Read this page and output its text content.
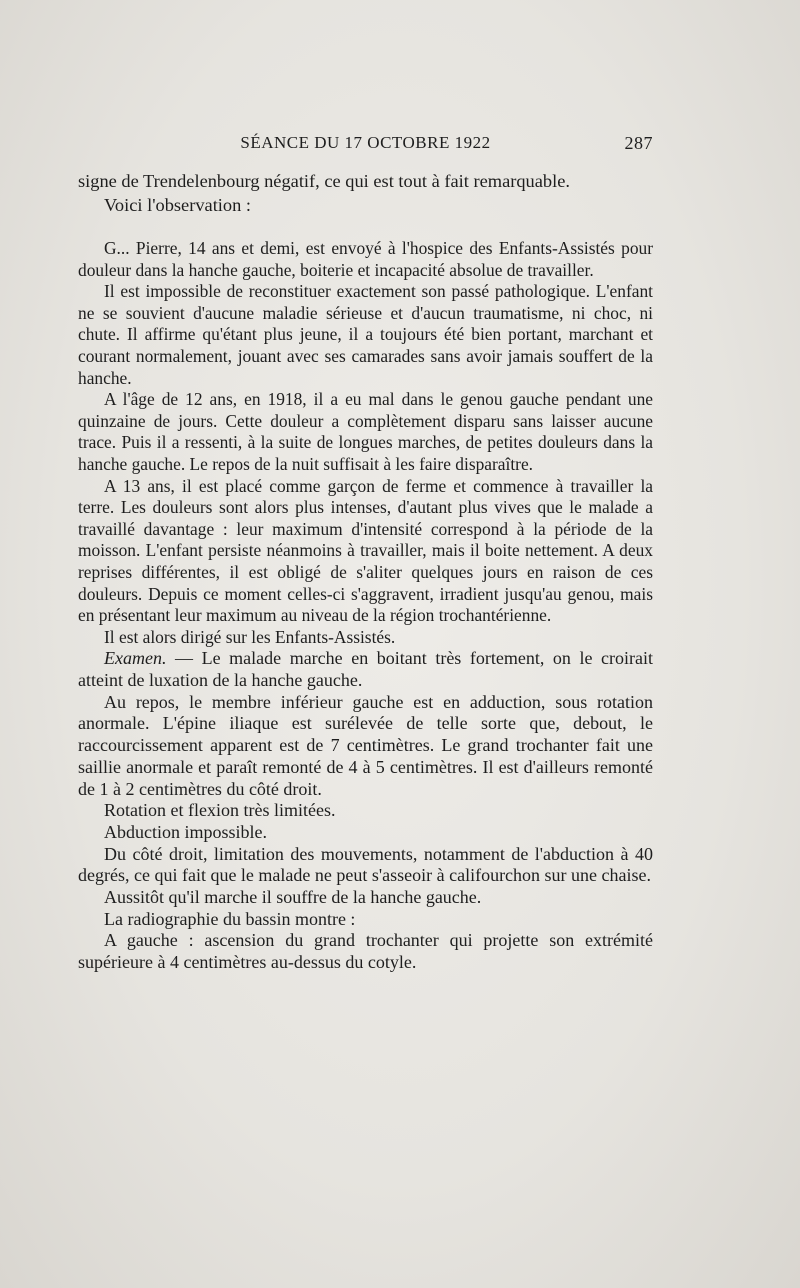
SÉANCE DU 17 OCTOBRE 1922	287

signe de Trendelenbourg négatif, ce qui est tout à fait remarquable.

Voici l'observation :

G... Pierre, 14 ans et demi, est envoyé à l'hospice des Enfants-Assistés pour douleur dans la hanche gauche, boiterie et incapacité absolue de travailler.

Il est impossible de reconstituer exactement son passé pathologique. L'enfant ne se souvient d'aucune maladie sérieuse et d'aucun traumatisme, ni choc, ni chute. Il affirme qu'étant plus jeune, il a toujours été bien portant, marchant et courant normalement, jouant avec ses camarades sans avoir jamais souffert de la hanche.

A l'âge de 12 ans, en 1918, il a eu mal dans le genou gauche pendant une quinzaine de jours. Cette douleur a complètement disparu sans laisser aucune trace. Puis il a ressenti, à la suite de longues marches, de petites douleurs dans la hanche gauche. Le repos de la nuit suffisait à les faire disparaître.

A 13 ans, il est placé comme garçon de ferme et commence à travailler la terre. Les douleurs sont alors plus intenses, d'autant plus vives que le malade a travaillé davantage : leur maximum d'intensité correspond à la période de la moisson. L'enfant persiste néanmoins à travailler, mais il boite nettement. A deux reprises différentes, il est obligé de s'aliter quelques jours en raison de ces douleurs. Depuis ce moment celles-ci s'aggravent, irradient jusqu'au genou, mais en présentant leur maximum au niveau de la région trochantérienne.

Il est alors dirigé sur les Enfants-Assistés.

Examen. — Le malade marche en boitant très fortement, on le croirait atteint de luxation de la hanche gauche.

Au repos, le membre inférieur gauche est en adduction, sous rotation anormale. L'épine iliaque est surélevée de telle sorte que, debout, le raccourcissement apparent est de 7 centimètres. Le grand trochanter fait une saillie anormale et paraît remonté de 4 à 5 centimètres. Il est d'ailleurs remonté de 1 à 2 centimètres du côté droit.

Rotation et flexion très limitées.

Abduction impossible.

Du côté droit, limitation des mouvements, notamment de l'abduction à 40 degrés, ce qui fait que le malade ne peut s'asseoir à califourchon sur une chaise.

Aussitôt qu'il marche il souffre de la hanche gauche.

La radiographie du bassin montre :

A gauche : ascension du grand trochanter qui projette son extrémité supérieure à 4 centimètres au-dessus du cotyle.
